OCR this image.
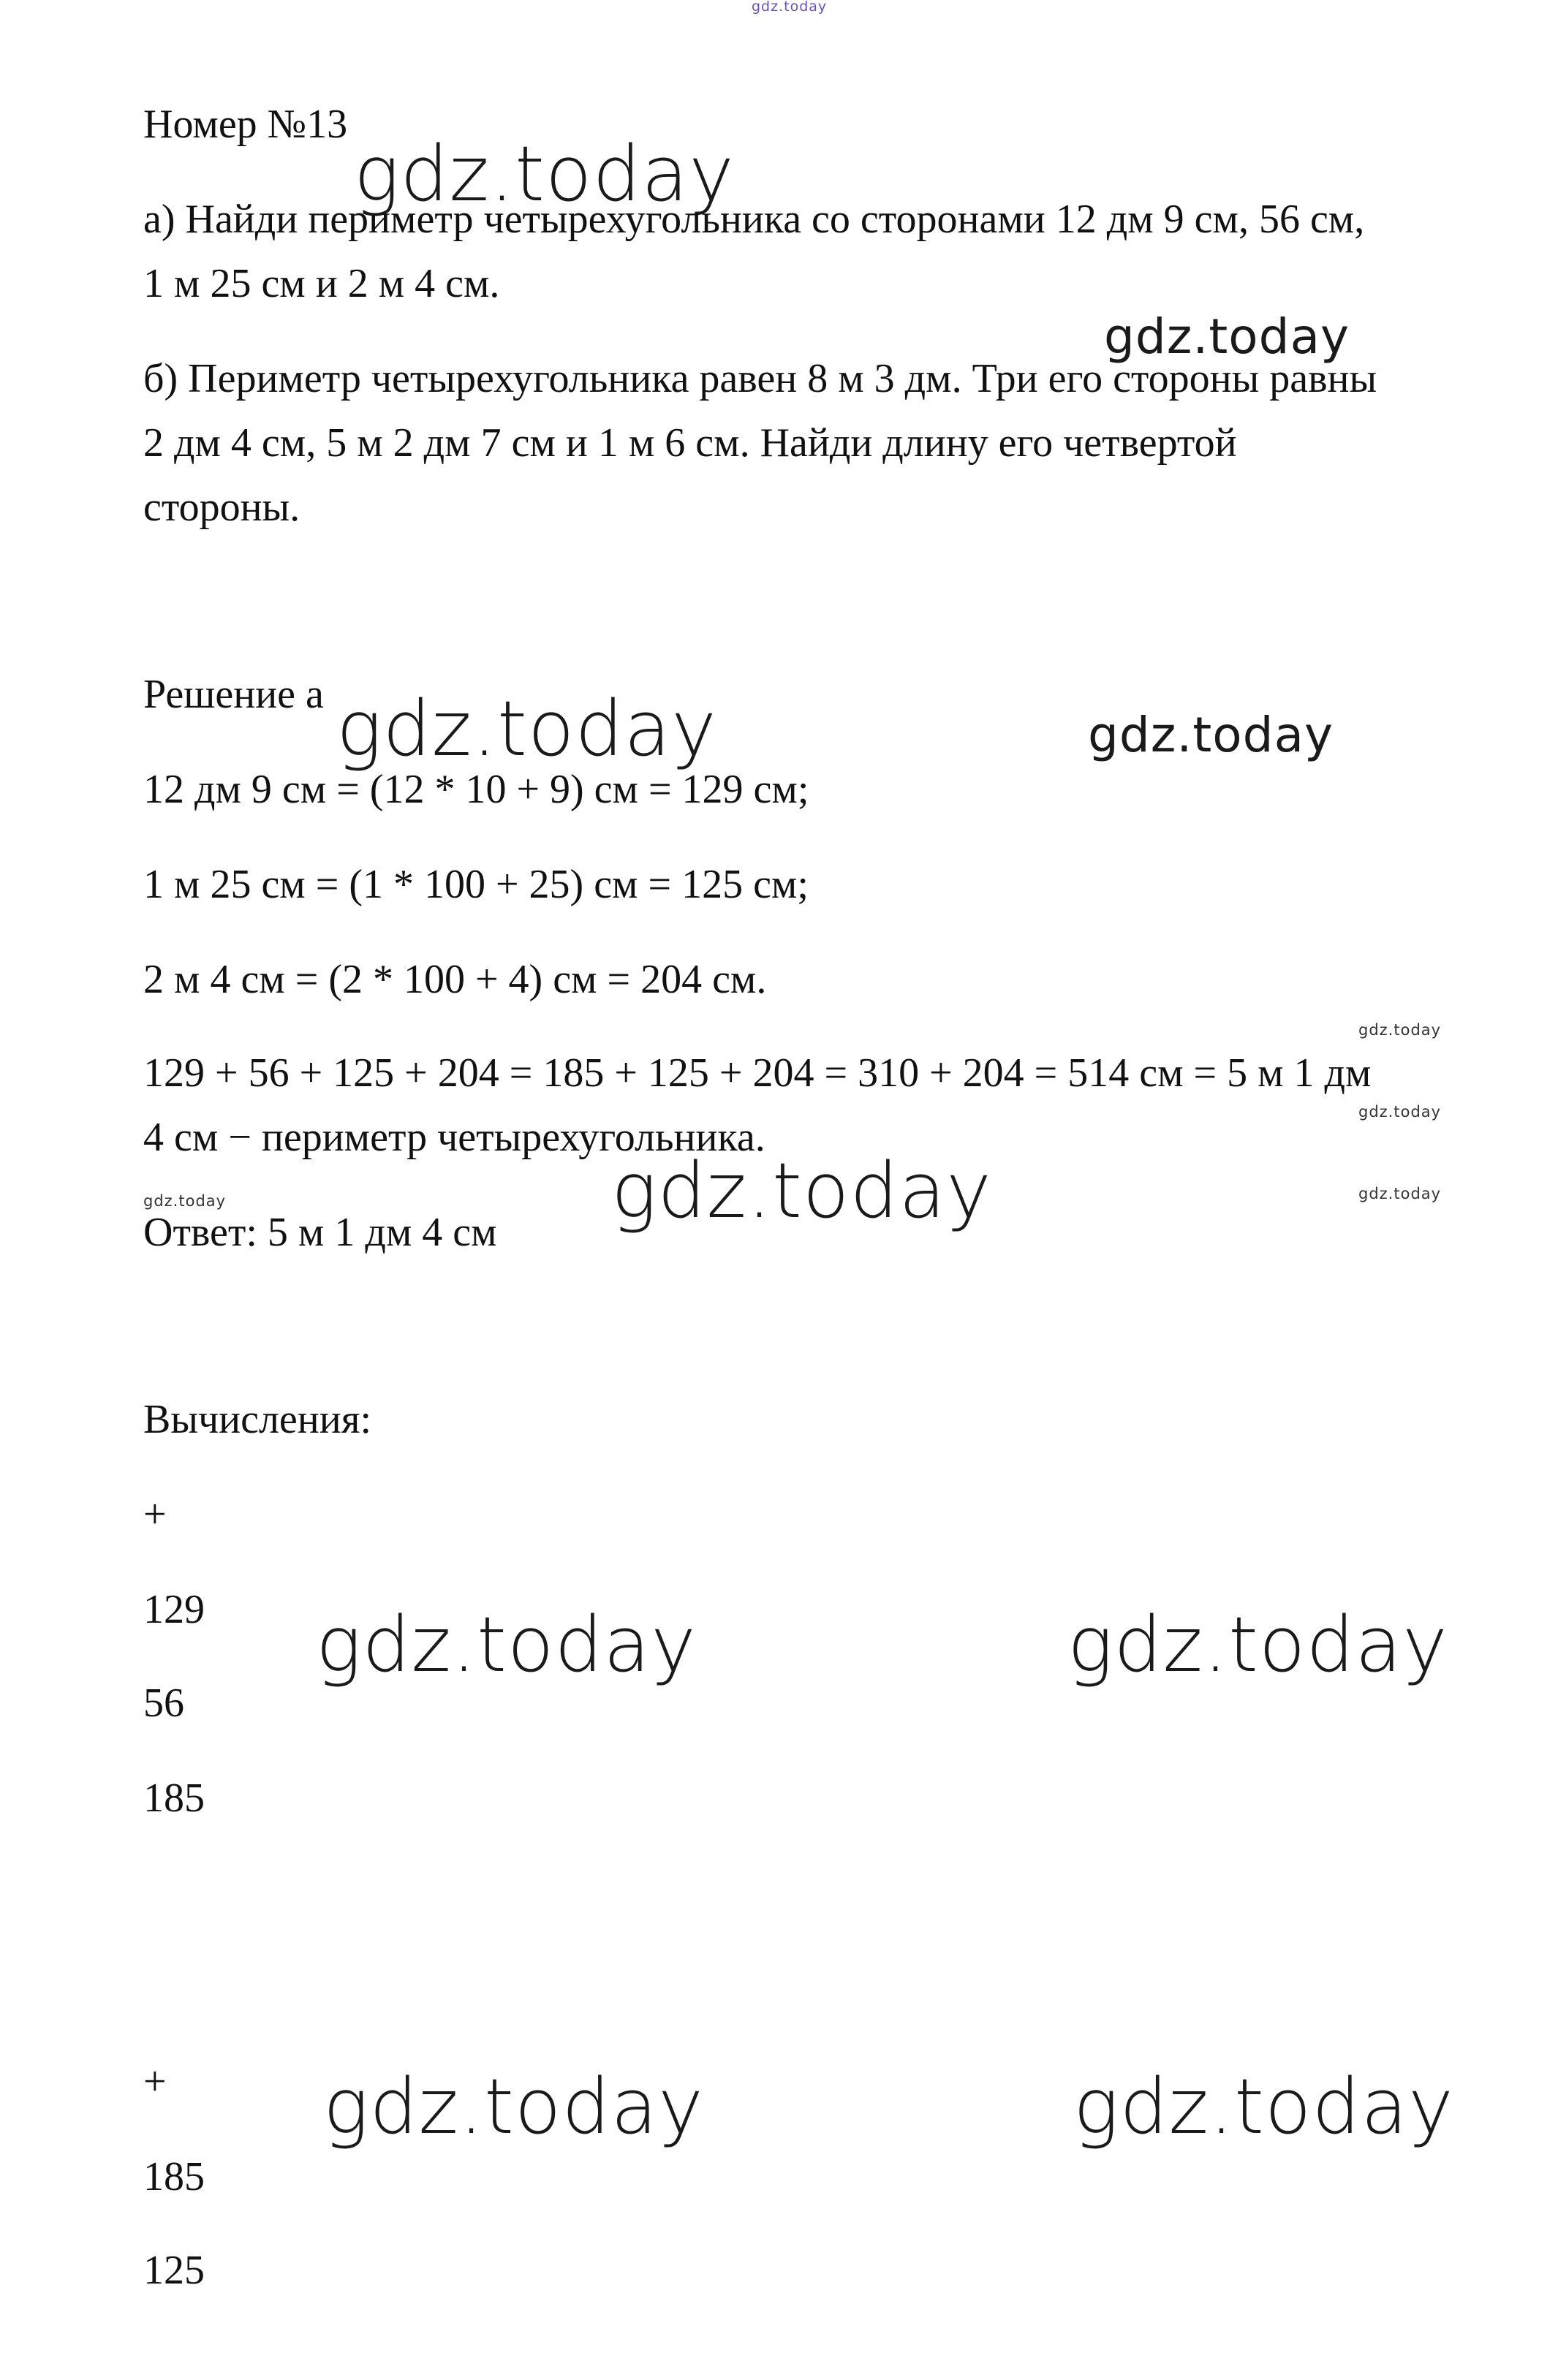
gdz.today
gdz.today
gdz.today
gdz.today	gdz.today
gdz.today
gdz.today
gdz.today
gdz.today	gdz.today
gdz.today	gdz.today
gdz.today	gdz.today
Номер №13
а) Найди периметр четырехугольника со сторонами 12 дм 9 см, 56 см,
1 м 25 см и 2 м 4 см.
б) Периметр четырехугольника равен 8 м 3 дм. Три его стороны равны
2 дм 4 см, 5 м 2 дм 7 см и 1 м 6 см. Найди длину его четвертой
стороны.
Решение а
12 дм 9 см = (12 * 10 + 9) см = 129 см;
1 м 25 см = (1 * 100 + 25) см = 125 см;
2 м 4 см = (2 * 100 + 4) см = 204 см.
129 + 56 + 125 + 204 = 185 + 125 + 204 = 310 + 204 = 514 см = 5 м 1 дм
4 см − периметр четырехугольника.
Ответ: 5 м 1 дм 4 см
Вычисления:
+
129
56
185
+
185
125
